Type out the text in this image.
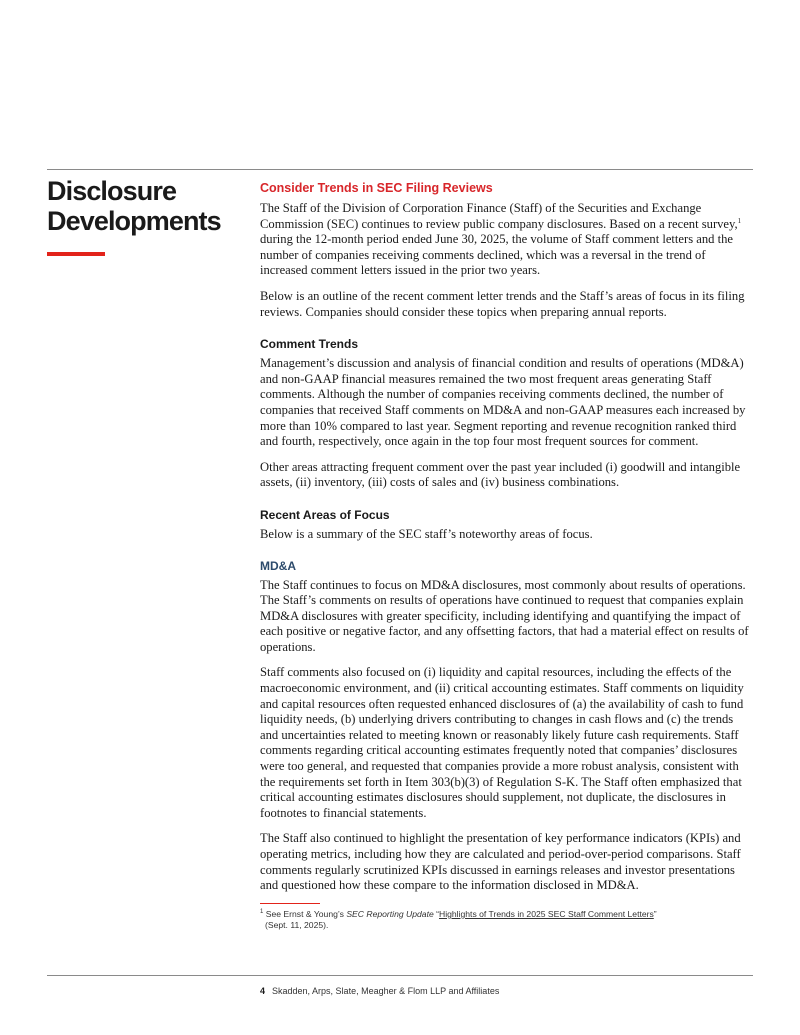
Disclosure
Developments
Consider Trends in SEC Filing Reviews

The Staff of the Division of Corporation Finance (Staff) of the Securities and Exchange Commission (SEC) continues to review public company disclosures. Based on a recent survey,$^1$ during the 12-month period ended June 30, 2025, the volume of Staff comment letters and the number of companies receiving comments declined, which was a reversal in the trend of increased comment letters issued in the prior two years.

Below is an outline of the recent comment letter trends and the Staff’s areas of focus in its filing reviews. Companies should consider these topics when preparing annual reports.

Comment Trends

Management’s discussion and analysis of financial condition and results of operations (MD&A) and non-GAAP financial measures remained the two most frequent areas generating Staff comments. Although the number of companies receiving comments declined, the number of companies that received Staff comments on MD&A and non-GAAP measures each increased by more than 10% compared to last year. Segment reporting and revenue recognition ranked third and fourth, respectively, once again in the top four most frequent sources for comment.

Other areas attracting frequent comment over the past year included (i) goodwill and intangible assets, (ii) inventory, (iii) costs of sales and (iv) business combinations.

Recent Areas of Focus

Below is a summary of the SEC staff’s noteworthy areas of focus.

MD&A

The Staff continues to focus on MD&A disclosures, most commonly about results of operations. The Staff’s comments on results of operations have continued to request that companies explain MD&A disclosures with greater specificity, including identifying and quantifying the impact of each positive or negative factor, and any offsetting factors, that had a material effect on results of operations.

Staff comments also focused on (i) liquidity and capital resources, including the effects of the macroeconomic environment, and (ii) critical accounting estimates. Staff comments on liquidity and capital resources often requested enhanced disclosures of (a) the availability of cash to fund liquidity needs, (b) underlying drivers contributing to changes in cash flows and (c) the trends and uncertainties related to meeting known or reasonably likely future cash requirements. Staff comments regarding critical accounting estimates frequently noted that companies’ disclosures were too general, and requested that companies provide a more robust analysis, consistent with the requirements set forth in Item 303(b)(3) of Regulation S-K. The Staff often emphasized that critical accounting estimates disclosures should supplement, not duplicate, the disclosures in footnotes to financial statements.

The Staff also continued to highlight the presentation of key performance indicators (KPIs) and operating metrics, including how they are calculated and period-over-period comparisons. Staff comments regularly scrutinized KPIs discussed in earnings releases and investor presentations and questioned how these compare to the information disclosed in MD&A.

$^1$ See Ernst & Young’s SEC Reporting Update “Highlights of Trends in 2025 SEC Staff Comment Letters”
(Sept. 11, 2025).
4 Skadden, Arps, Slate, Meagher & Flom LLP and Affiliates
